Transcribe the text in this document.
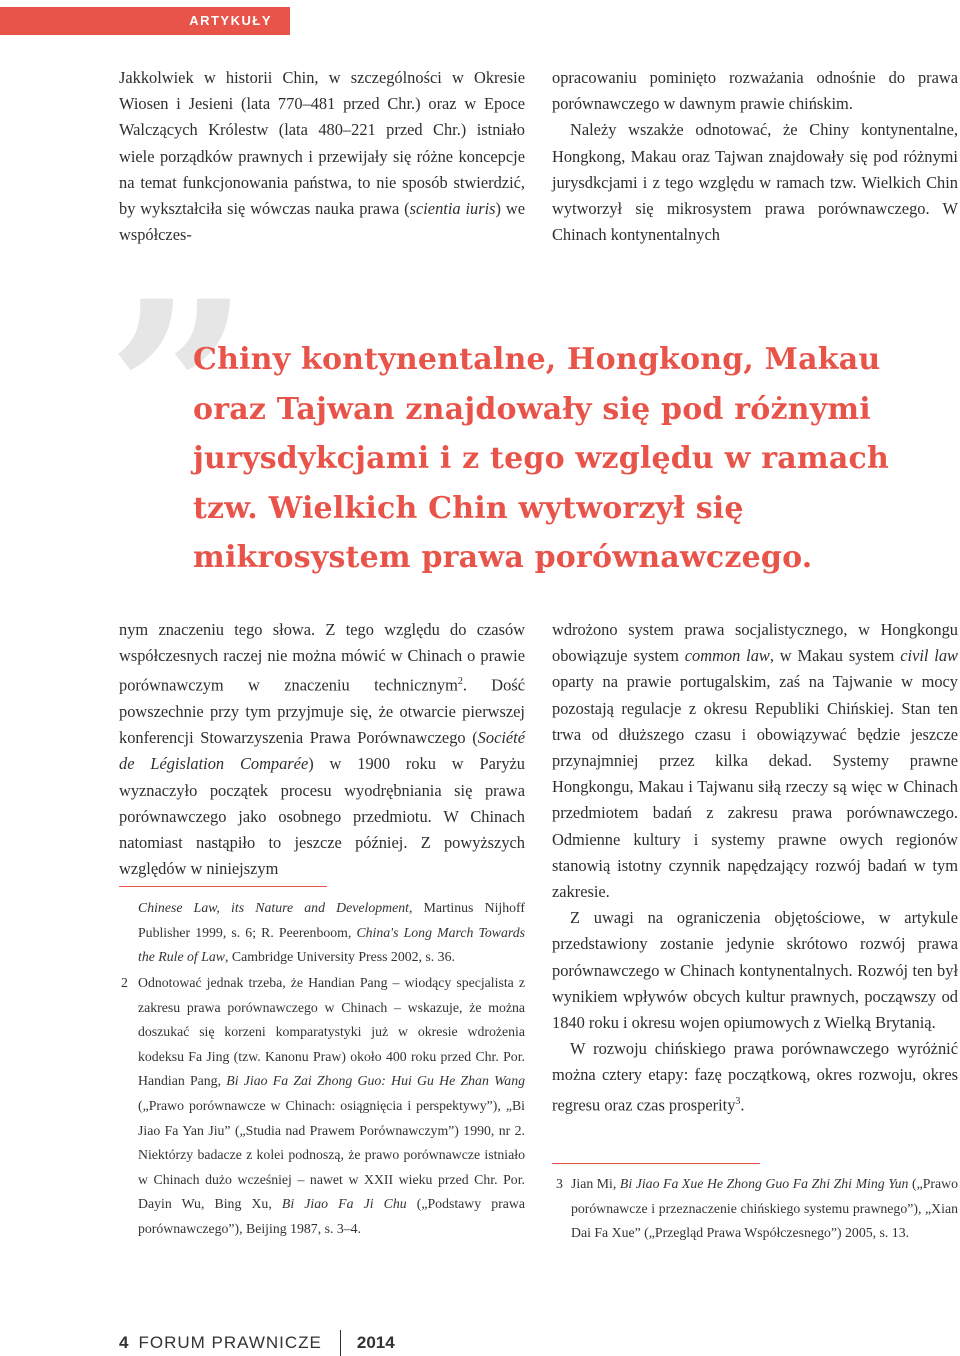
ARTYKUŁY

Jakkolwiek w historii Chin, w szczególności w Okresie Wiosen i Jesieni (lata 770–481 przed Chr.) oraz w Epoce Walczących Królestw (lata 480–221 przed Chr.) istniało wiele porządków prawnych i przewijały się różne koncepcje na temat funkcjonowania państwa, to nie sposób stwierdzić, by wykształciła się wówczas nauka prawa (scientia iuris) we współczes-

opracowaniu pominięto rozważania odnośnie do prawa porównawczego w dawnym prawie chińskim.

Należy wszakże odnotować, że Chiny kontynentalne, Hongkong, Makau oraz Tajwan znajdowały się pod różnymi jurysdkcjami i z tego względu w ramach tzw. Wielkich Chin wytworzył się mikrosystem prawa porównawczego. W Chinach kontynentalnych

”

Chiny kontynentalne, Hongkong, Makau oraz Tajwan znajdowały się pod różnymi jurysdykcjami i z tego względu w ramach tzw. Wielkich Chin wytworzył się mikrosystem prawa porównawczego.

nym znaczeniu tego słowa. Z tego względu do czasów współczesnych raczej nie można mówić w Chinach o prawie porównawczym w znaczeniu technicznym$^2$. Dość powszechnie przy tym przyjmuje się, że otwarcie pierwszej konferencji Stowarzyszenia Prawa Porównawczego (Société de Législation Comparée) w 1900 roku w Paryżu wyznaczyło początek procesu wyodrębniania się prawa porównawczego jako osobnego przedmiotu. W Chinach natomiast nastąpiło to jeszcze później. Z powyższych względów w niniejszym

Chinese Law, its Nature and Development, Martinus Nijhoff Publisher 1999, s. 6; R. Peerenboom, China's Long March Towards the Rule of Law, Cambridge University Press 2002, s. 36.

2 Odnotować jednak trzeba, że Handian Pang – wiodący specjalista z zakresu prawa porównawczego w Chinach – wskazuje, że można doszukać się korzeni komparatystyki już w okresie wdrożenia kodeksu Fa Jing (tzw. Kanonu Praw) około 400 roku przed Chr. Por. Handian Pang, Bi Jiao Fa Zai Zhong Guo: Hui Gu He Zhan Wang („Prawo porównawcze w Chinach: osiągnięcia i perspektywy”), „Bi Jiao Fa Yan Jiu” („Studia nad Prawem Porównawczym”) 1990, nr 2. Niektórzy badacze z kolei podnoszą, że prawo porównawcze istniało w Chinach dużo wcześniej – nawet w XXII wieku przed Chr. Por. Dayin Wu, Bing Xu, Bi Jiao Fa Ji Chu („Podstawy prawa porównawczego”), Beijing 1987, s. 3–4.

wdrożono system prawa socjalistycznego, w Hongkongu obowiązuje system common law, w Makau system civil law oparty na prawie portugalskim, zaś na Tajwanie w mocy pozostają regulacje z okresu Republiki Chińskiej. Stan ten trwa od dłuższego czasu i obowiązywać będzie jeszcze przynajmniej przez kilka dekad. Systemy prawne Hongkongu, Makau i Tajwanu siłą rzeczy są więc w Chinach przedmiotem badań z zakresu prawa porównawczego. Odmienne kultury i systemy prawne owych regionów stanowią istotny czynnik napędzający rozwój badań w tym zakresie.

Z uwagi na ograniczenia objętościowe, w artykule przedstawiony zostanie jedynie skrótowo rozwój prawa porównawczego w Chinach kontynentalnych. Rozwój ten był wynikiem wpływów obcych kultur prawnych, począwszy od 1840 roku i okresu wojen opiumowych z Wielką Brytanią.

W rozwoju chińskiego prawa porównawczego wyróżnić można cztery etapy: fazę początkową, okres rozwoju, okres regresu oraz czas prosperity$^3$.

3 Jian Mi, Bi Jiao Fa Xue He Zhong Guo Fa Zhi Zhi Ming Yun („Prawo porównawcze i przeznaczenie chińskiego systemu prawnego”), „Xian Dai Fa Xue” („Przegląd Prawa Współczesnego”) 2005, s. 13.

4 FORUM PRAWNICZE 2014
